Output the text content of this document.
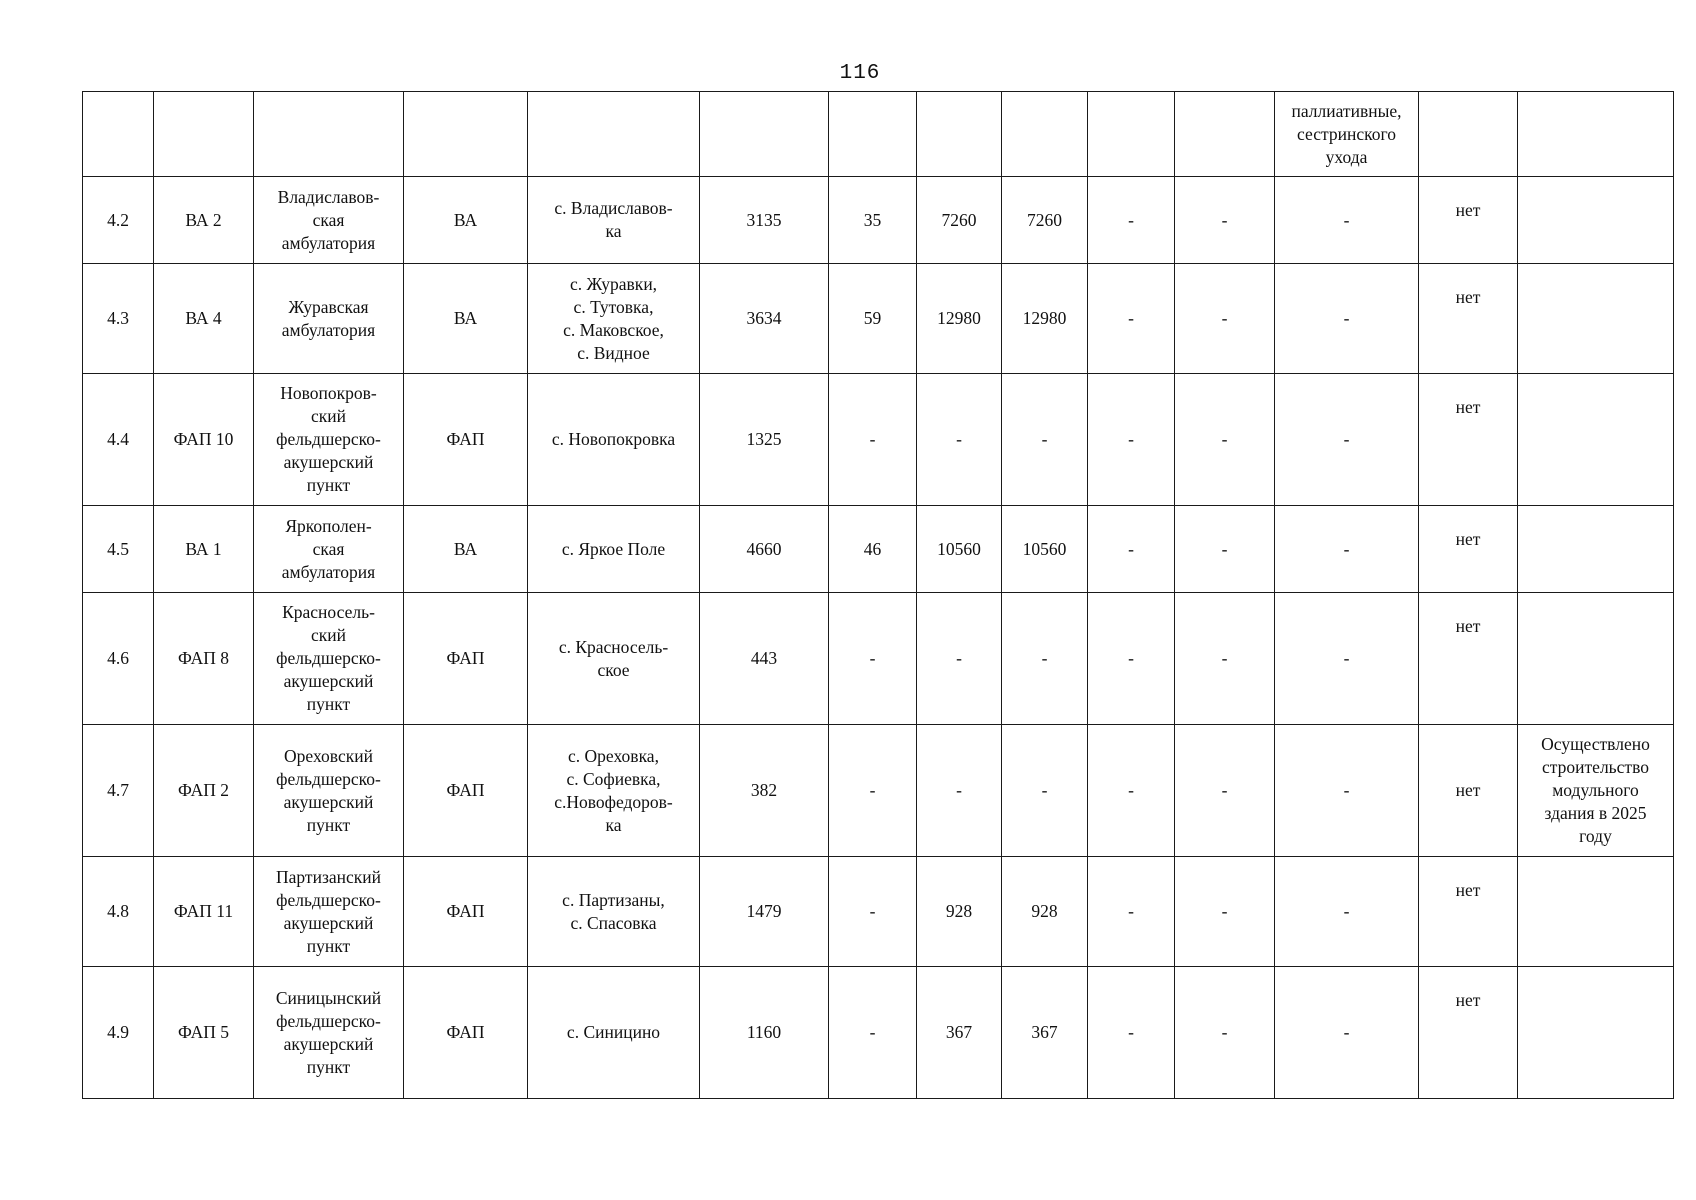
116
											паллиативные,
сестринского
ухода		
4.2	ВА 2	Владиславов-
ская
амбулатория	ВА	с. Владиславов-
ка	3135	35	7260	7260	-	-	-	нет	
4.3	ВА 4	Журавская
амбулатория	ВА	с. Журавки,
с. Тутовка,
с. Маковское,
с. Видное	3634	59	12980	12980	-	-	-	нет	
4.4	ФАП 10	Новопокров-
ский
фельдшерско-
акушерский
пункт	ФАП	с. Новопокровка	1325	-	-	-	-	-	-	нет	
4.5	ВА 1	Яркополен-
ская
амбулатория	ВА	с. Яркое Поле	4660	46	10560	10560	-	-	-	нет	
4.6	ФАП 8	Красносель-
ский
фельдшерско-
акушерский
пункт	ФАП	с. Красносель-
ское	443	-	-	-	-	-	-	нет	
4.7	ФАП 2	Ореховский
фельдшерско-
акушерский
пункт	ФАП	с. Ореховка,
с. Софиевка,
с.Новофедоров-
ка	382	-	-	-	-	-	-	нет	Осуществлено
строительство
модульного
здания в 2025
году
4.8	ФАП 11	Партизанский
фельдшерско-
акушерский
пункт	ФАП	с. Партизаны,
с. Спасовка	1479	-	928	928	-	-	-	нет	
4.9	ФАП 5	Синицынский
фельдшерско-
акушерский
пункт	ФАП	с. Синицино	1160	-	367	367	-	-	-	нет	
